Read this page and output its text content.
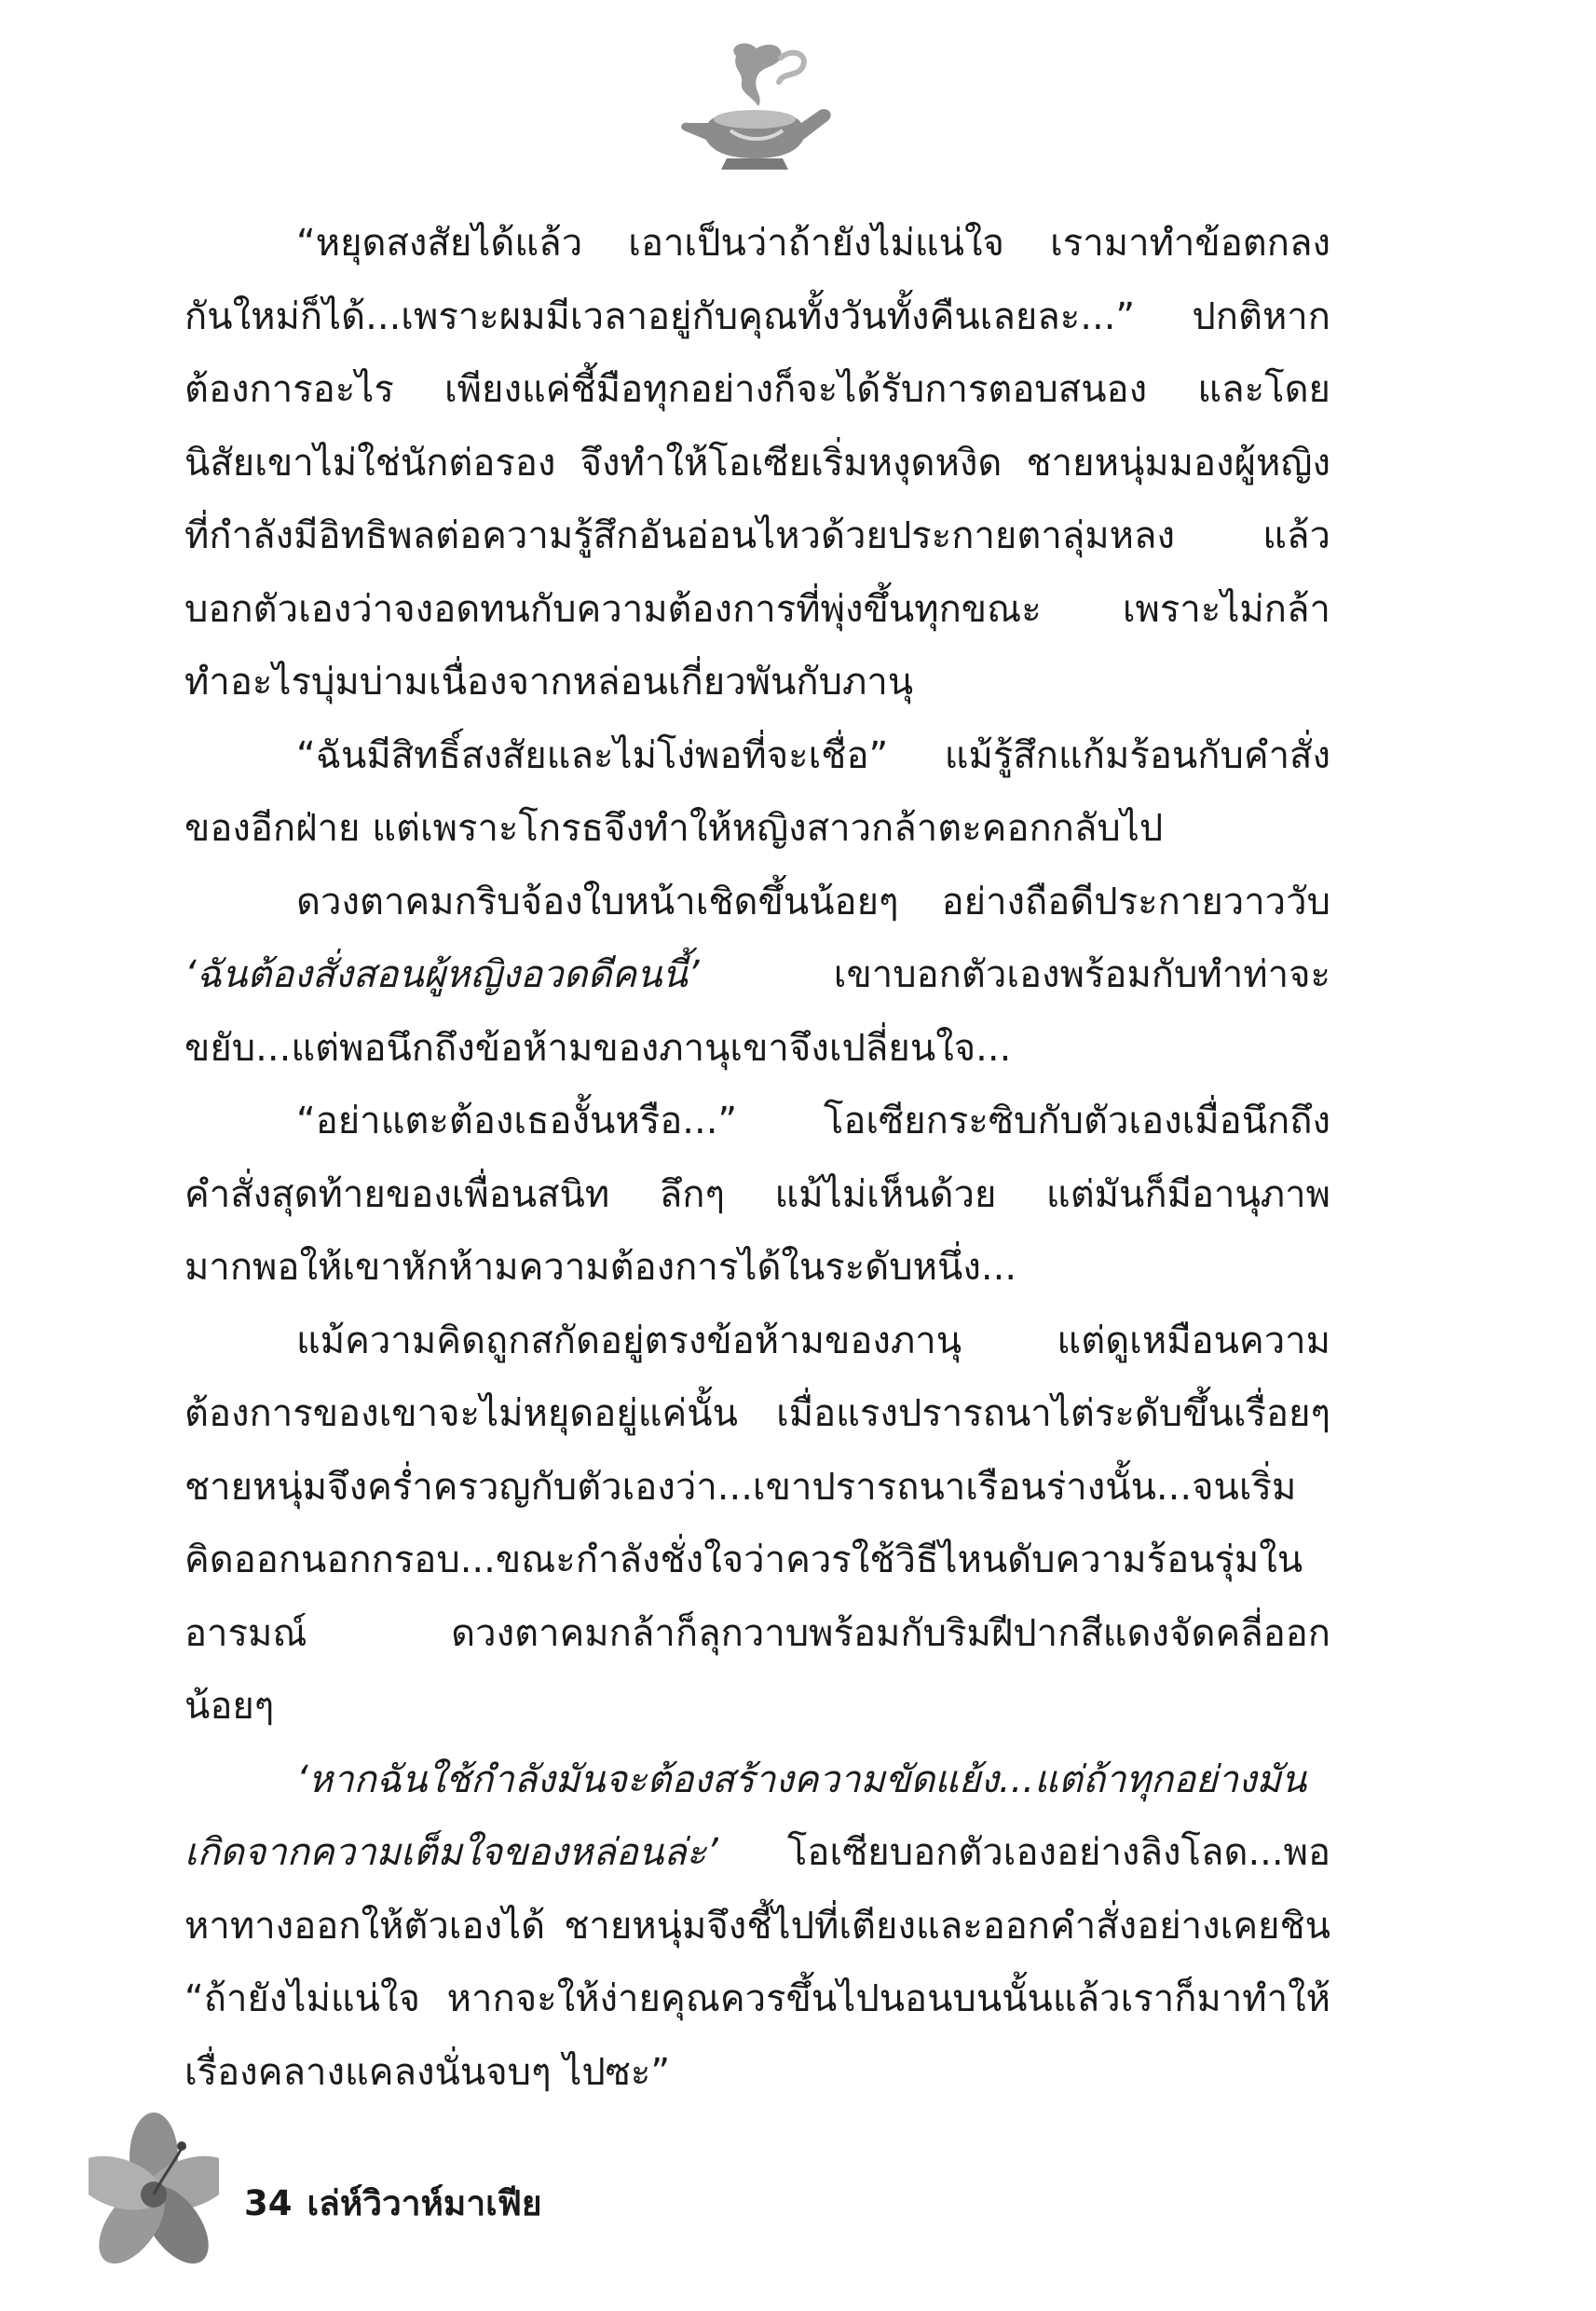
“หยุดสงสัยได้แล้ว เอาเป็นว่าถ้ายังไม่แน่ใจ เรามาทำข้อตกลง
กันใหม่ก็ได้...เพราะผมมีเวลาอยู่กับคุณทั้งวันทั้งคืนเลยละ...” ปกติหาก
ต้องการอะไร เพียงแค่ชี้มือทุกอย่างก็จะได้รับการตอบสนอง และโดย
นิสัยเขาไม่ใช่นักต่อรอง จึงทำให้โอเซียเริ่มหงุดหงิด ชายหนุ่มมองผู้หญิง
ที่กำลังมีอิทธิพลต่อความรู้สึกอันอ่อนไหวด้วยประกายตาลุ่มหลง แล้ว
บอกตัวเองว่าจงอดทนกับความต้องการที่พุ่งขึ้นทุกขณะ เพราะไม่กล้า
ทำอะไรบุ่มบ่ามเนื่องจากหล่อนเกี่ยวพันกับภานุ
“ฉันมีสิทธิ์สงสัยและไม่โง่พอที่จะเชื่อ” แม้รู้สึกแก้มร้อนกับคำสั่ง
ของอีกฝ่าย แต่เพราะโกรธจึงทำให้หญิงสาวกล้าตะคอกกลับไป
ดวงตาคมกริบจ้องใบหน้าเชิดขึ้นน้อยๆ อย่างถือดีประกายวาววับ
‘ฉันต้องสั่งสอนผู้หญิงอวดดีคนนี้’ เขาบอกตัวเองพร้อมกับทำท่าจะ
ขยับ...แต่พอนึกถึงข้อห้ามของภานุเขาจึงเปลี่ยนใจ...
“อย่าแตะต้องเธองั้นหรือ...” โอเซียกระซิบกับตัวเองเมื่อนึกถึง
คำสั่งสุดท้ายของเพื่อนสนิท ลึกๆ แม้ไม่เห็นด้วย แต่มันก็มีอานุภาพ
มากพอให้เขาหักห้ามความต้องการได้ในระดับหนึ่ง...
แม้ความคิดถูกสกัดอยู่ตรงข้อห้ามของภานุ แต่ดูเหมือนความ
ต้องการของเขาจะไม่หยุดอยู่แค่นั้น เมื่อแรงปรารถนาไต่ระดับขึ้นเรื่อยๆ
ชายหนุ่มจึงคร่ำครวญกับตัวเองว่า...เขาปรารถนาเรือนร่างนั้น...จนเริ่ม
คิดออกนอกกรอบ...ขณะกำลังชั่งใจว่าควรใช้วิธีไหนดับความร้อนรุ่มใน
อารมณ์ ดวงตาคมกล้าก็ลุกวาบพร้อมกับริมฝีปากสีแดงจัดคลี่ออก
น้อยๆ
‘หากฉันใช้กำลังมันจะต้องสร้างความขัดแย้ง...แต่ถ้าทุกอย่างมัน
เกิดจากความเต็มใจของหล่อนล่ะ’ โอเซียบอกตัวเองอย่างลิงโลด...พอ
หาทางออกให้ตัวเองได้ ชายหนุ่มจึงชี้ไปที่เตียงและออกคำสั่งอย่างเคยชิน
“ถ้ายังไม่แน่ใจ หากจะให้ง่ายคุณควรขึ้นไปนอนบนนั้นแล้วเราก็มาทำให้
เรื่องคลางแคลงนั่นจบๆ ไปซะ”
34 เล่ห์วิวาห์มาเฟีย
